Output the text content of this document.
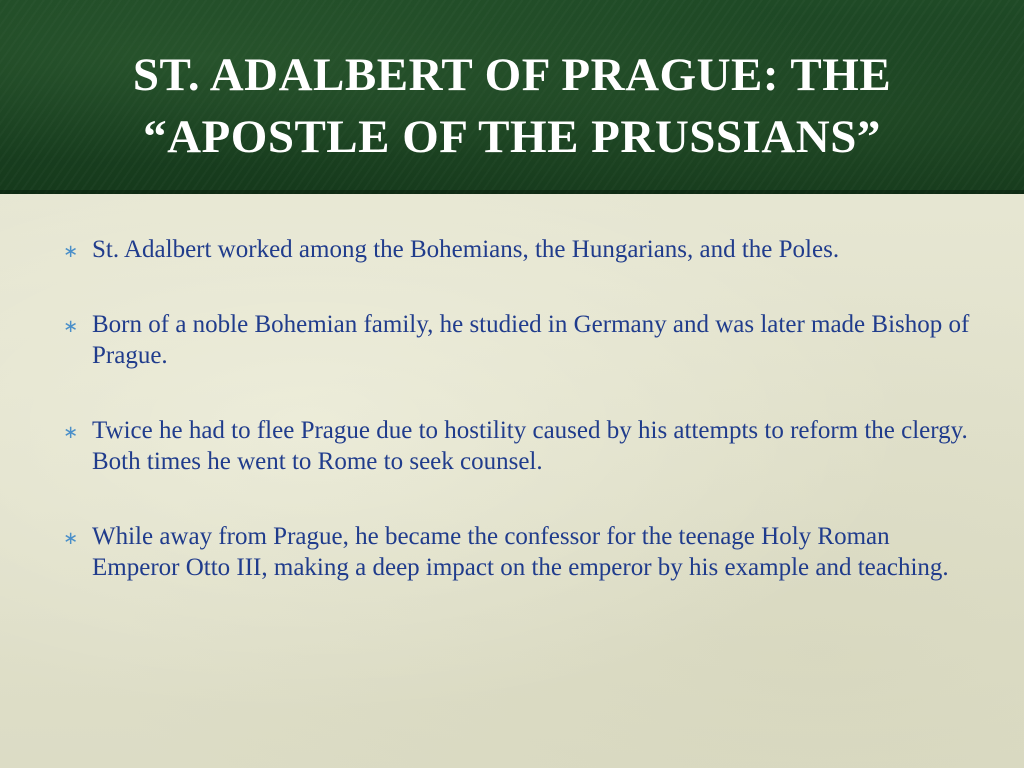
ST. ADALBERT OF PRAGUE: THE
“APOSTLE OF THE PRUSSIANS”
∗ St. Adalbert worked among the Bohemians, the Hungarians, and the Poles.
∗ Born of a noble Bohemian family, he studied in Germany and was later made Bishop of Prague.
∗ Twice he had to flee Prague due to hostility caused by his attempts to reform the clergy. Both times he went to Rome to seek counsel.
∗ While away from Prague, he became the confessor for the teenage Holy Roman Emperor Otto III, making a deep impact on the emperor by his example and teaching.
